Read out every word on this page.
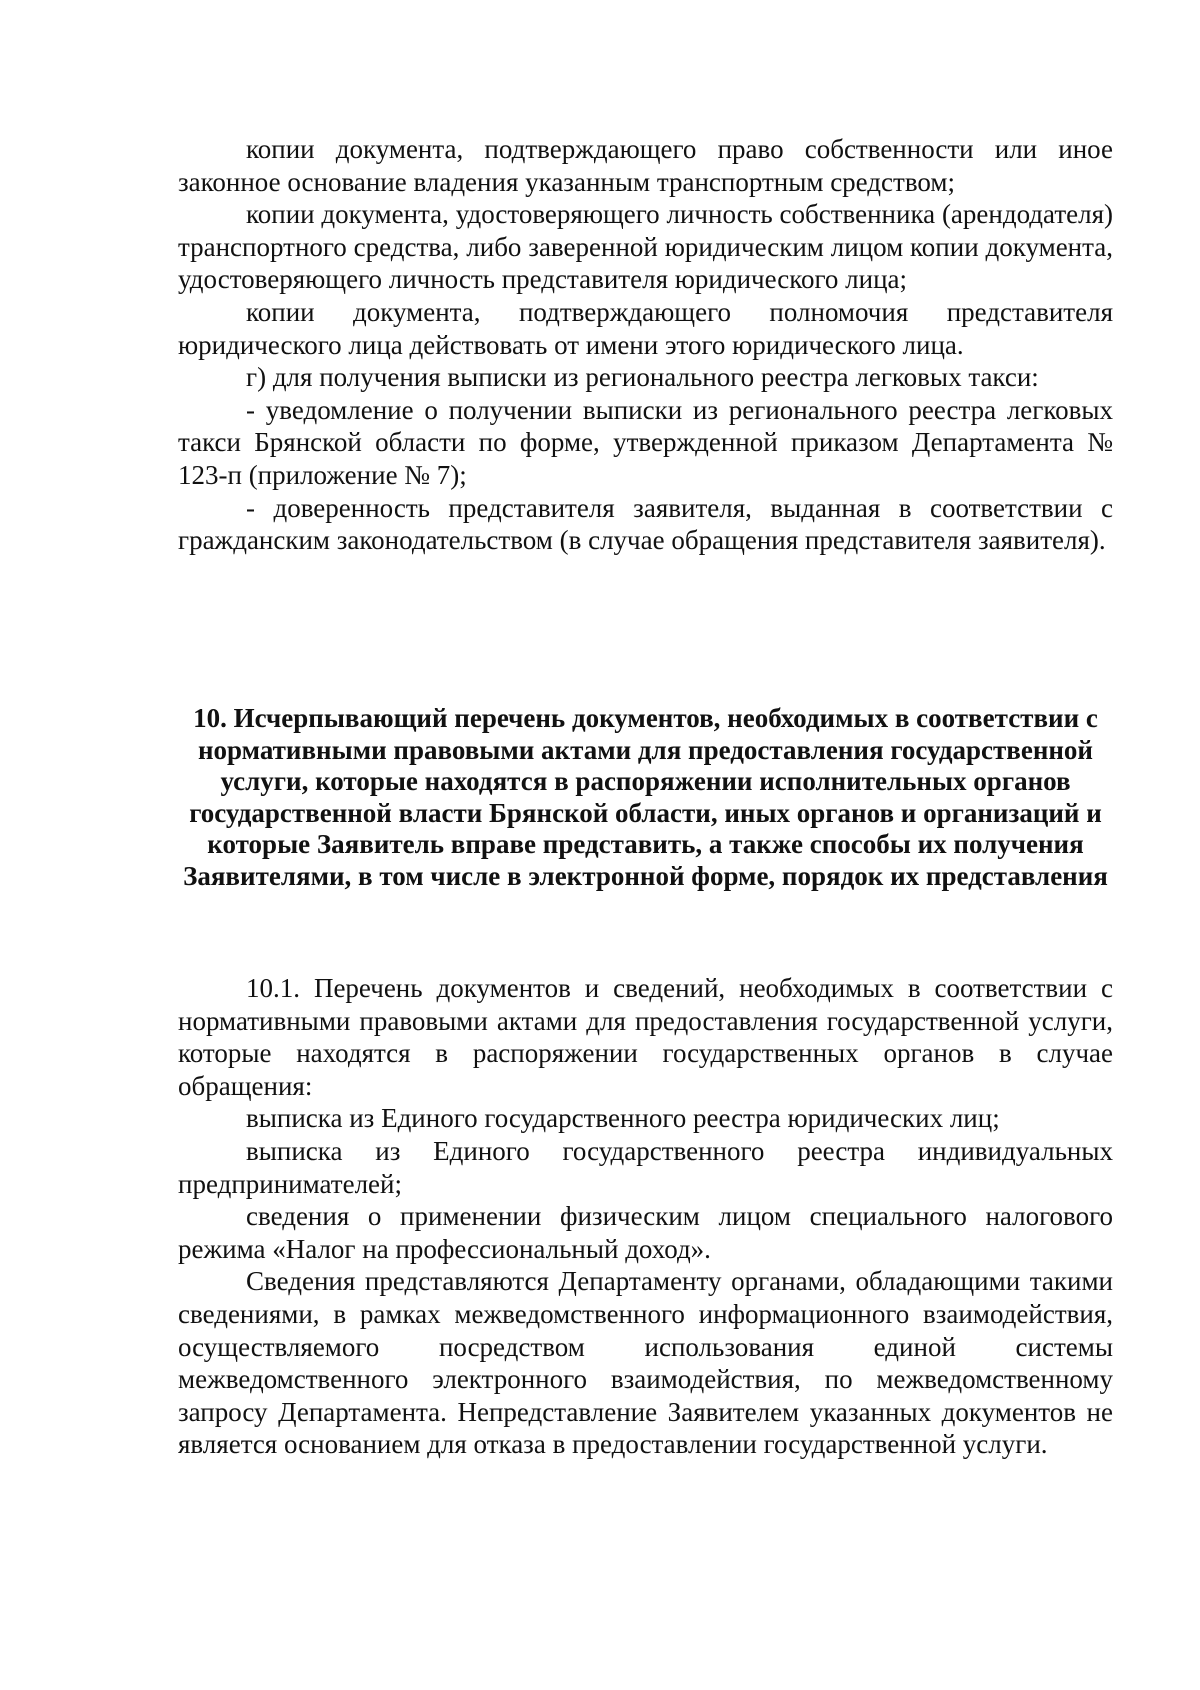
копии документа, подтверждающего право собственности или иное законное основание владения указанным транспортным средством;

копии документа, удостоверяющего личность собственника (арендодателя) транспортного средства, либо заверенной юридическим лицом копии документа, удостоверяющего личность представителя юридического лица;

копии документа, подтверждающего полномочия представителя юридического лица действовать от имени этого юридического лица.

г) для получения выписки из регионального реестра легковых такси:

- уведомление о получении выписки из регионального реестра легковых такси Брянской области по форме, утвержденной приказом Департамента № 123-п (приложение № 7);

- доверенность представителя заявителя, выданная в соответствии с гражданским законодательством (в случае обращения представителя заявителя).

10. Исчерпывающий перечень документов, необходимых в соответствии с нормативными правовыми актами для предоставления государственной услуги, которые находятся в распоряжении исполнительных органов государственной власти Брянской области, иных органов и организаций и которые Заявитель вправе представить, а также способы их получения Заявителями, в том числе в электронной форме, порядок их представления

10.1. Перечень документов и сведений, необходимых в соответствии с нормативными правовыми актами для предоставления государственной услуги, которые находятся в распоряжении государственных органов в случае обращения:

выписка из Единого государственного реестра юридических лиц;

выписка из Единого государственного реестра индивидуальных предпринимателей;

сведения о применении физическим лицом специального налогового режима «Налог на профессиональный доход».

Сведения представляются Департаменту органами, обладающими такими сведениями, в рамках межведомственного информационного взаимодействия, осуществляемого посредством использования единой системы межведомственного электронного взаимодействия, по межведомственному запросу Департамента. Непредставление Заявителем указанных документов не является основанием для отказа в предоставлении государственной услуги.
